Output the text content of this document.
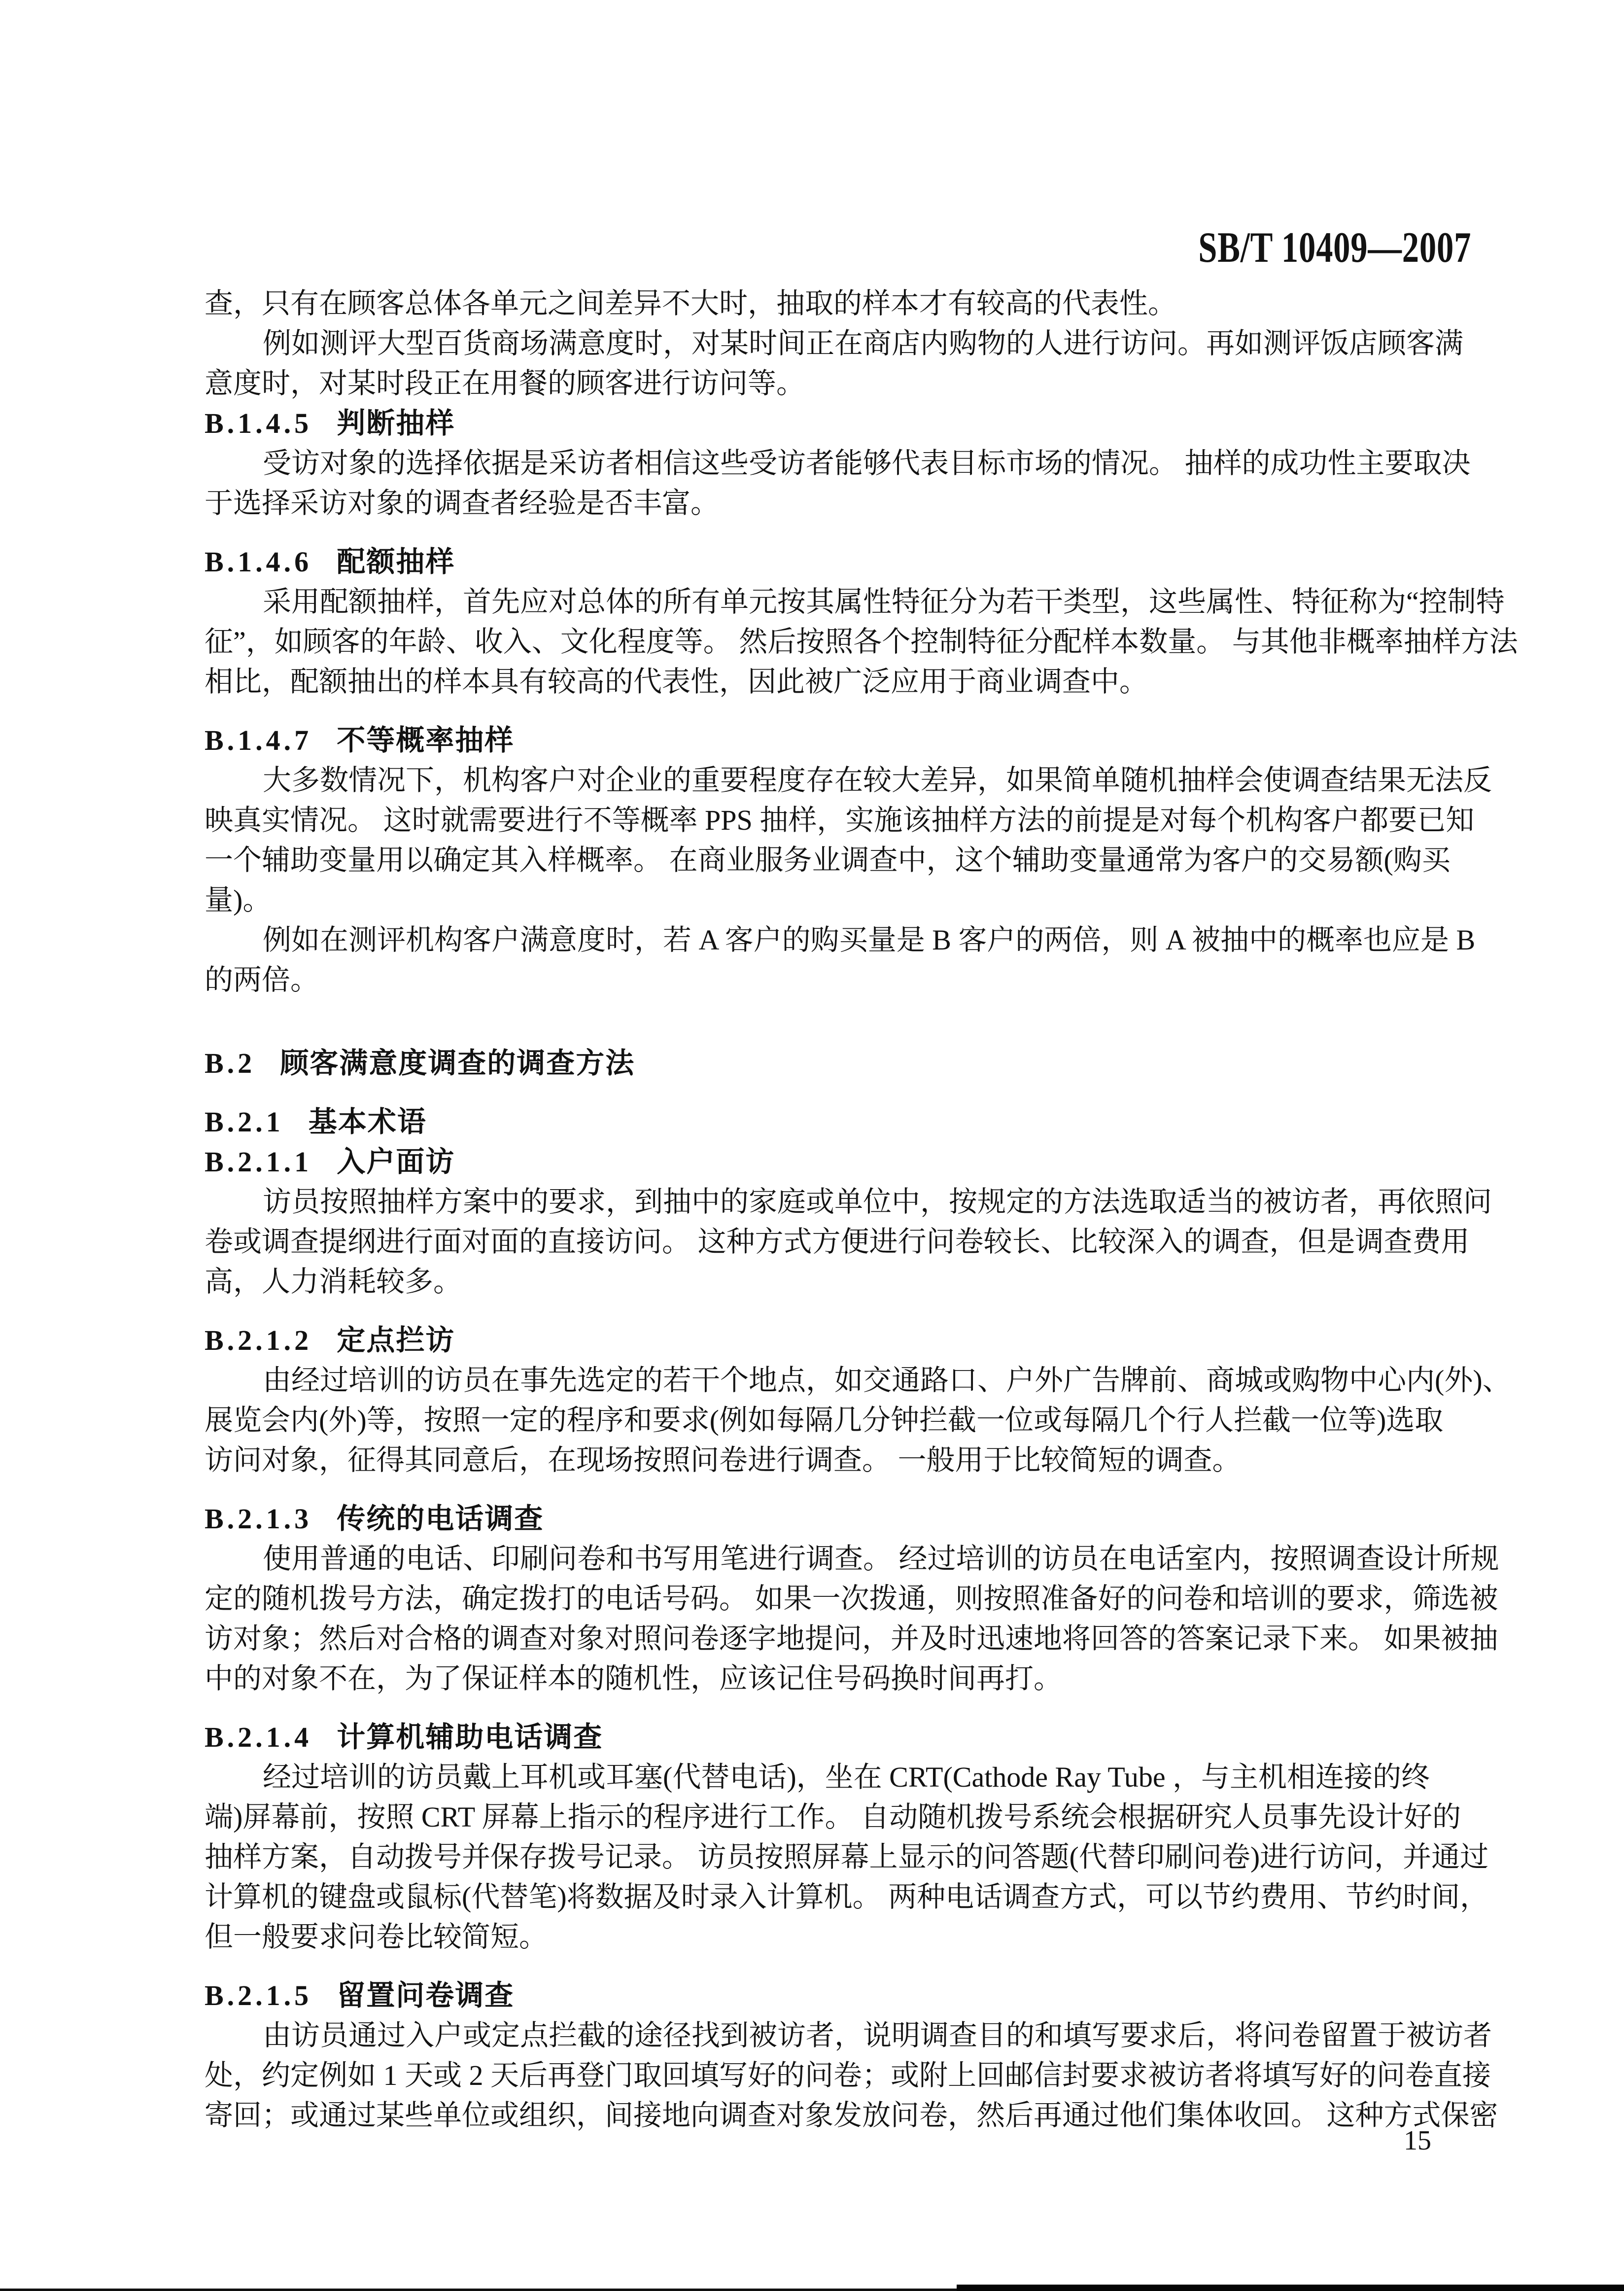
SB/T 10409—2007
查，只有在顾客总体各单元之间差异不大时，抽取的样本才有较高的代表性。
例如测评大型百货商场满意度时，对某时间正在商店内购物的人进行访问。再如测评饭店顾客满
意度时，对某时段正在用餐的顾客进行访问等。
B.1.4.5 判断抽样
受访对象的选择依据是采访者相信这些受访者能够代表目标市场的情况。 抽样的成功性主要取决
于选择采访对象的调查者经验是否丰富。
B.1.4.6 配额抽样
采用配额抽样，首先应对总体的所有单元按其属性特征分为若干类型，这些属性、特征称为“控制特
征”，如顾客的年龄、收入、文化程度等。 然后按照各个控制特征分配样本数量。 与其他非概率抽样方法
相比，配额抽出的样本具有较高的代表性，因此被广泛应用于商业调查中。
B.1.4.7 不等概率抽样
大多数情况下，机构客户对企业的重要程度存在较大差异，如果简单随机抽样会使调查结果无法反
映真实情况。 这时就需要进行不等概率 PPS 抽样，实施该抽样方法的前提是对每个机构客户都要已知
一个辅助变量用以确定其入样概率。 在商业服务业调查中，这个辅助变量通常为客户的交易额(购买
量)。
例如在测评机构客户满意度时，若 A 客户的购买量是 B 客户的两倍，则 A 被抽中的概率也应是 B
的两倍。
B.2 顾客满意度调查的调查方法
B.2.1 基本术语
B.2.1.1 入户面访
访员按照抽样方案中的要求，到抽中的家庭或单位中，按规定的方法选取适当的被访者，再依照问
卷或调查提纲进行面对面的直接访问。 这种方式方便进行问卷较长、比较深入的调查，但是调查费用
高，人力消耗较多。
B.2.1.2 定点拦访
由经过培训的访员在事先选定的若干个地点，如交通路口、户外广告牌前、商城或购物中心内(外)、
展览会内(外)等，按照一定的程序和要求(例如每隔几分钟拦截一位或每隔几个行人拦截一位等)选取
访问对象，征得其同意后，在现场按照问卷进行调查。 一般用于比较简短的调查。
B.2.1.3 传统的电话调查
使用普通的电话、印刷问卷和书写用笔进行调查。 经过培训的访员在电话室内，按照调查设计所规
定的随机拨号方法，确定拨打的电话号码。 如果一次拨通，则按照准备好的问卷和培训的要求，筛选被
访对象；然后对合格的调查对象对照问卷逐字地提问，并及时迅速地将回答的答案记录下来。 如果被抽
中的对象不在，为了保证样本的随机性，应该记住号码换时间再打。
B.2.1.4 计算机辅助电话调查
经过培训的访员戴上耳机或耳塞(代替电话)，坐在 CRT(Cathode Ray Tube ，与主机相连接的终
端)屏幕前，按照 CRT 屏幕上指示的程序进行工作。 自动随机拨号系统会根据研究人员事先设计好的
抽样方案，自动拨号并保存拨号记录。 访员按照屏幕上显示的问答题(代替印刷问卷)进行访问，并通过
计算机的键盘或鼠标(代替笔)将数据及时录入计算机。 两种电话调查方式，可以节约费用、节约时间，
但一般要求问卷比较简短。
B.2.1.5 留置问卷调查
由访员通过入户或定点拦截的途径找到被访者，说明调查目的和填写要求后，将问卷留置于被访者
处，约定例如 1 天或 2 天后再登门取回填写好的问卷；或附上回邮信封要求被访者将填写好的问卷直接
寄回；或通过某些单位或组织，间接地向调查对象发放问卷，然后再通过他们集体收回。 这种方式保密
15
